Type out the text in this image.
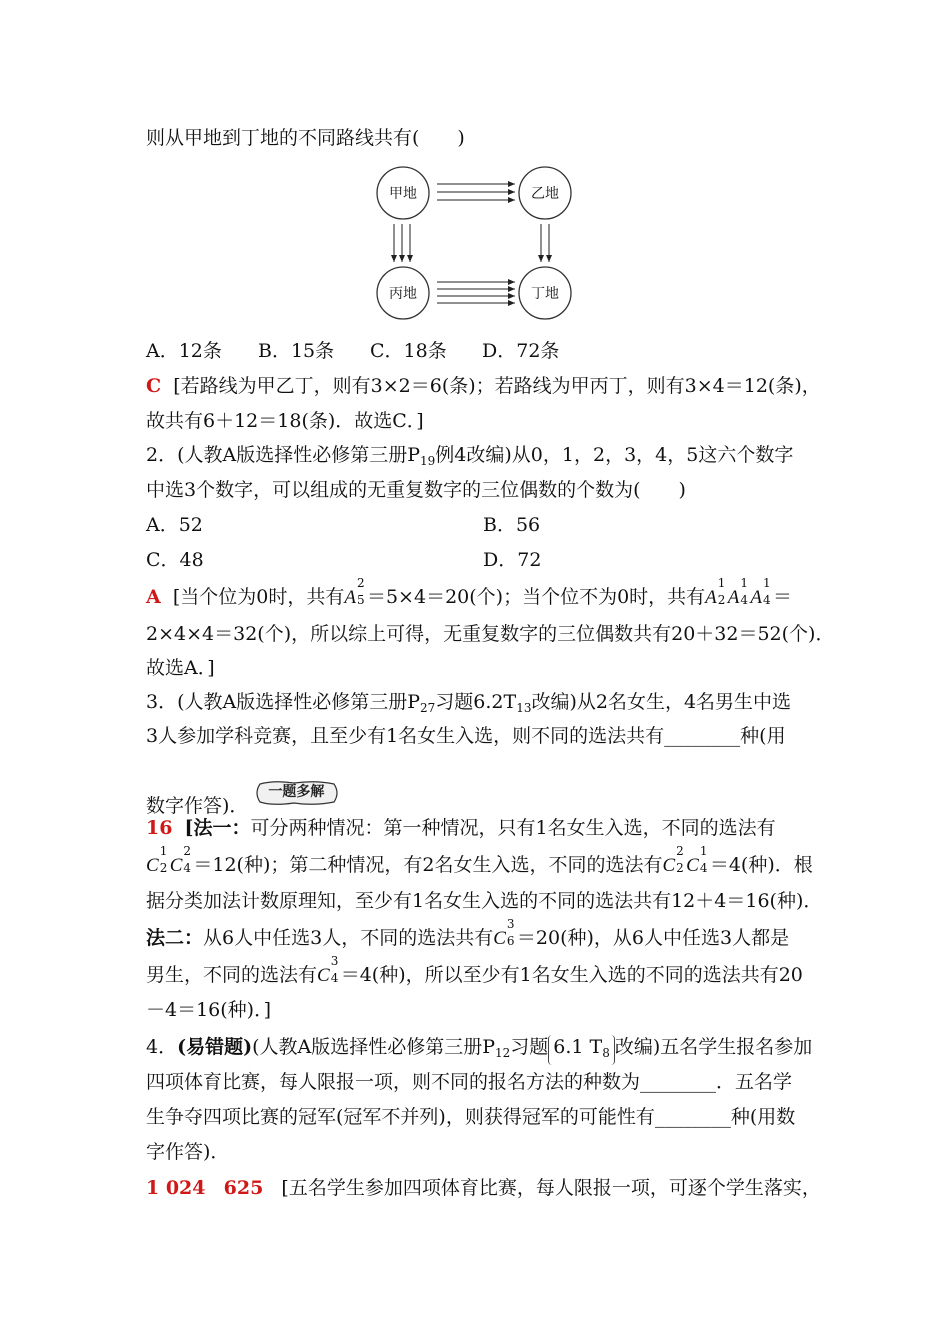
则从甲地到丁地的不同路线共有(　　)
甲地	乙地
丙地	丁地
A．12条 B．15条 C．18条 D．72条
C [若路线为甲乙丁，则有3×2＝6(条)；若路线为甲丙丁，则有3×4＝12(条)，
故共有6＋12＝18(条)．故选C．]
2．(人教A版选择性必修第三册$P_{19}$例4改编)从0，1，2，3，4，5这六个数字
中选3个数字，可以组成的无重复数字的三位偶数的个数为(　　)
A．52	B．56
C．48	D．72
A [当个位为0时，共有A
2
5 ＝5×4＝20(个)；当个位不为0时，共有A
1
2 A
1
4 A
1
4 ＝
2×4×4＝32(个)，所以综上可得，无重复数字的三位偶数共有20＋32＝52(个)．
故选A．]
3．(人教A版选择性必修第三册$P_{27}$习题$6.2T_{13}$改编)从2名女生，4名男生中选
3人参加学科竞赛，且至少有1名女生入选，则不同的选法共有________种(用
数字作答)．
一题多解
16 [法一：可分两种情况：第一种情况，只有1名女生入选，不同的选法有
C
1
2 C
2
4 ＝12(种)；第二种情况，有2名女生入选，不同的选法有C
2
2 C
1
4 ＝4(种)．根
据分类加法计数原理知，至少有1名女生入选的不同的选法共有12＋4＝16(种)．
法二：从6人中任选3人，不同的选法共有C
3
6 ＝20(种)，从6人中任选3人都是
男生，不同的选法有C
3
4 ＝4(种)，所以至少有1名女生入选的不同的选法共有20
－4＝16(种)．]
4．(易错题)(人教A版选择性必修第三册$P_{12}$习题 6.1 $T_8$ 改编)五名学生报名参加
四项体育比赛，每人限报一项，则不同的报名方法的种数为________．五名学
生争夺四项比赛的冠军(冠军不并列)，则获得冠军的可能性有________种(用数
字作答)．
1 024 625 [五名学生参加四项体育比赛，每人限报一项，可逐个学生落实，
